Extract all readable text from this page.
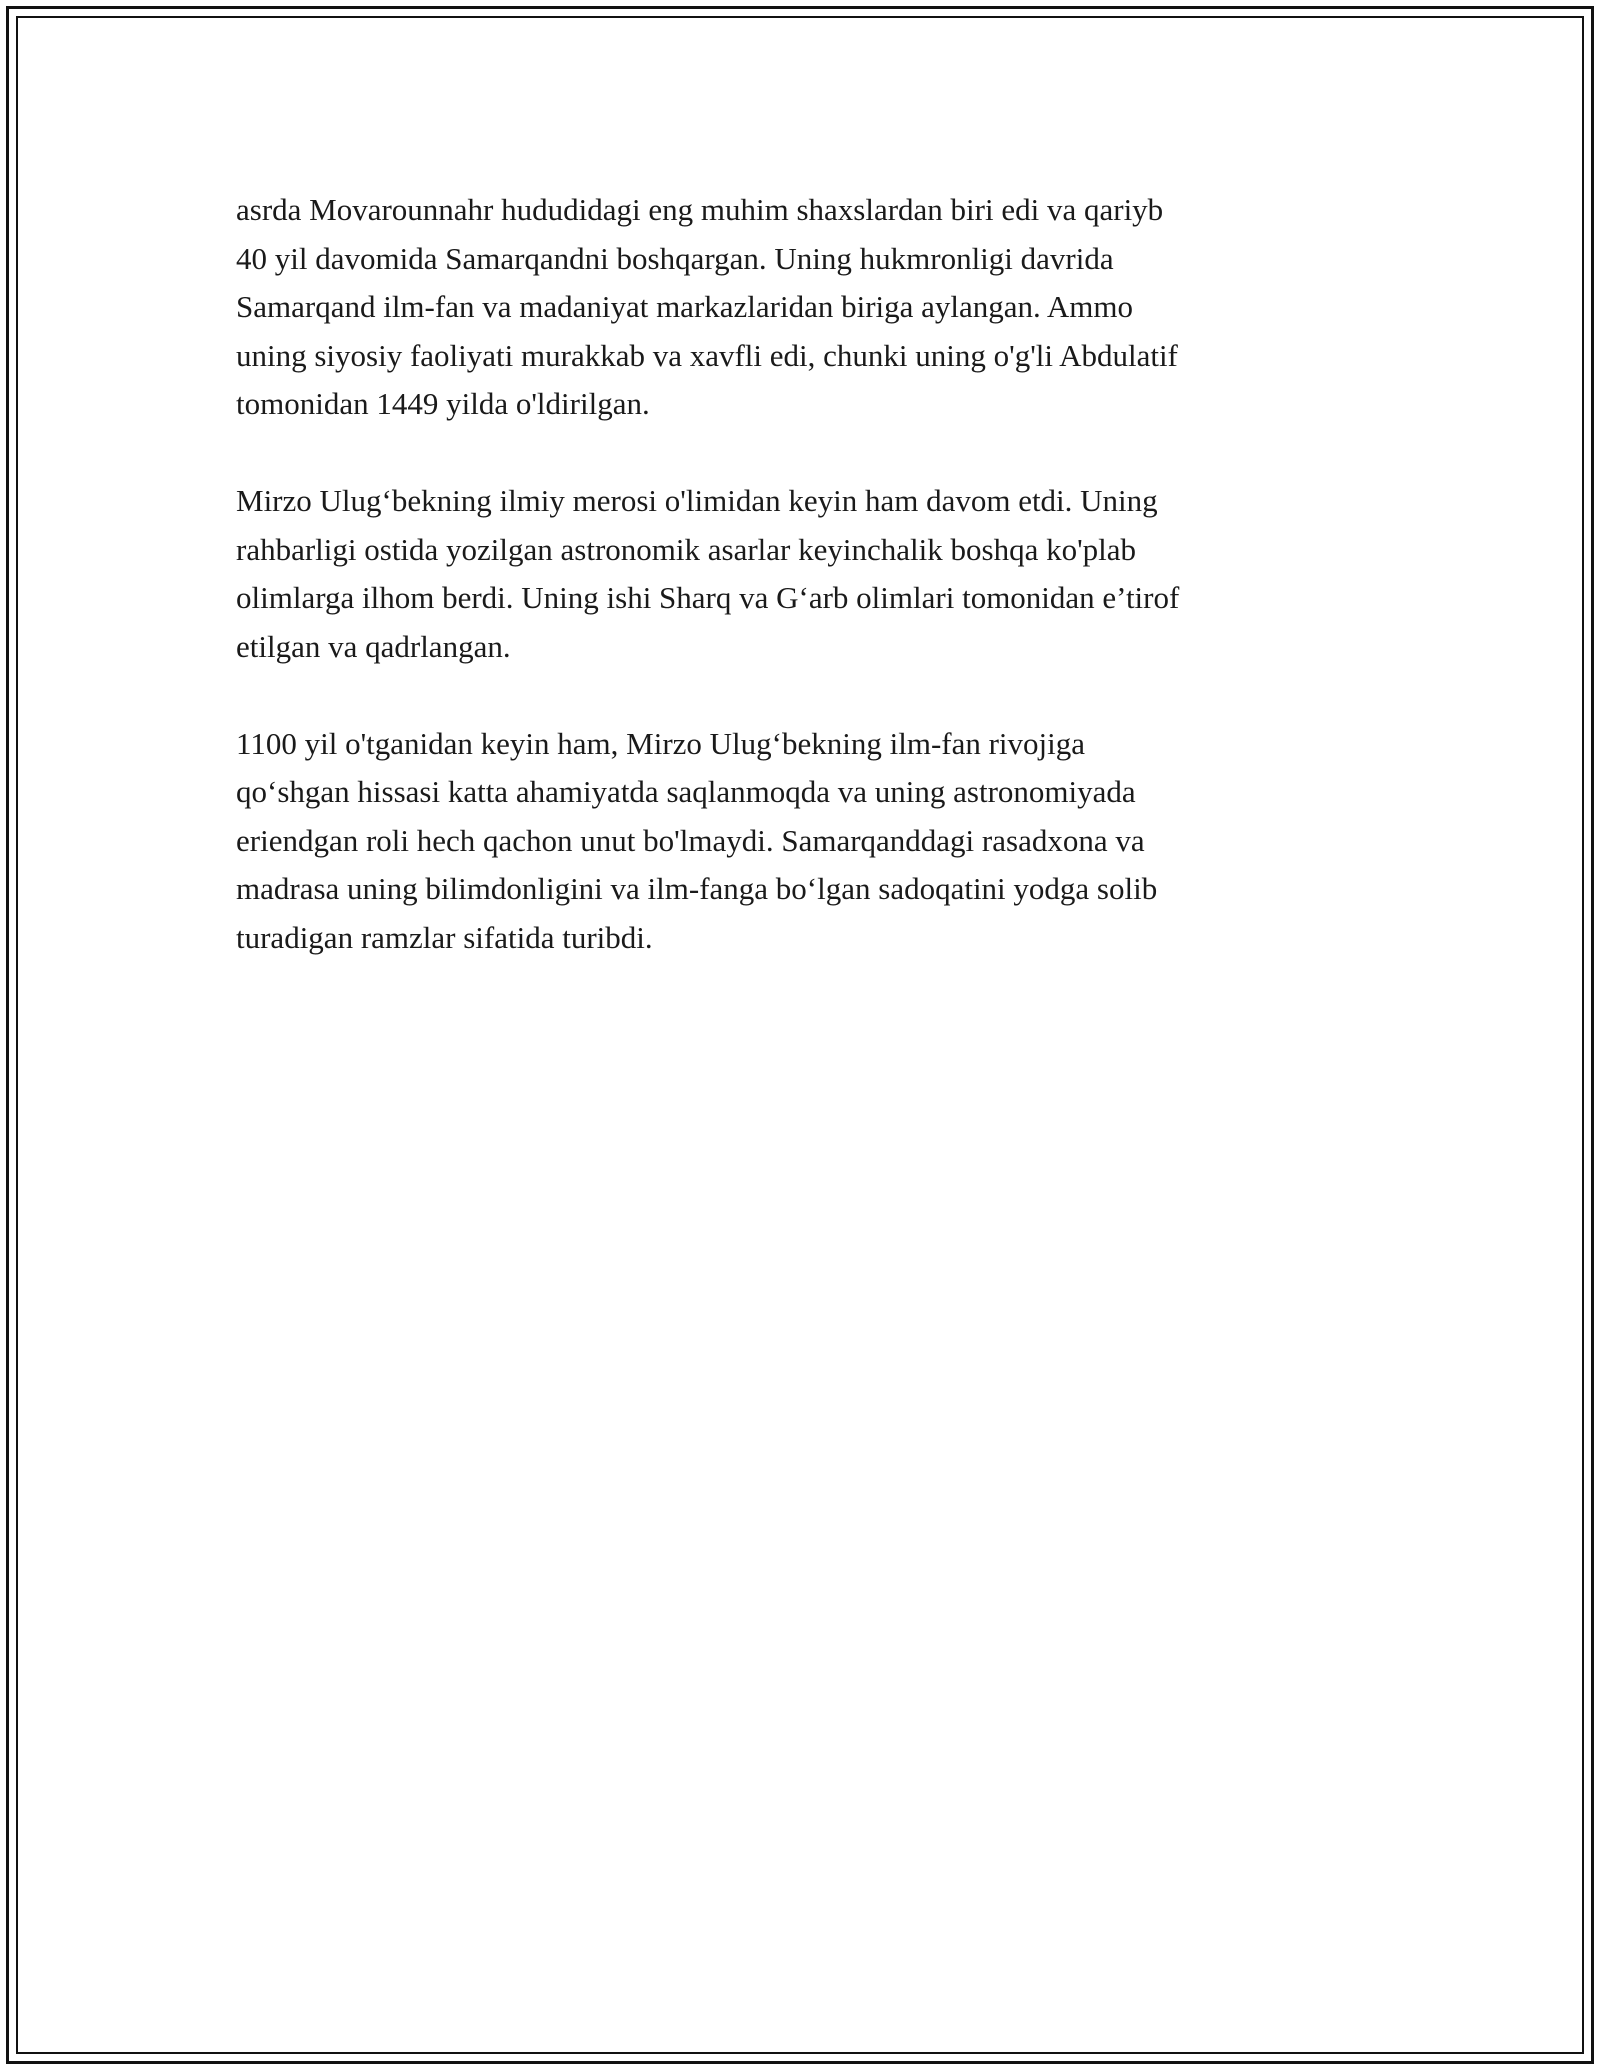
asrda Movarounnahr hududidagi eng muhim shaxslardan biri edi va qariyb
40 yil davomida Samarqandni boshqargan. Uning hukmronligi davrida
Samarqand ilm-fan va madaniyat markazlaridan biriga aylangan. Ammo
uning siyosiy faoliyati murakkab va xavfli edi, chunki uning o'g'li Abdulatif
tomonidan 1449 yilda o'ldirilgan.

Mirzo Ulug‘bekning ilmiy merosi o'limidan keyin ham davom etdi. Uning
rahbarligi ostida yozilgan astronomik asarlar keyinchalik boshqa ko'plab
olimlarga ilhom berdi. Uning ishi Sharq va G‘arb olimlari tomonidan e’tirof
etilgan va qadrlangan.

1100 yil o'tganidan keyin ham, Mirzo Ulug‘bekning ilm-fan rivojiga
qo‘shgan hissasi katta ahamiyatda saqlanmoqda va uning astronomiyada
eriendgan roli hech qachon unut bo'lmaydi. Samarqanddagi rasadxona va
madrasa uning bilimdonligini va ilm-fanga bo‘lgan sadoqatini yodga solib
turadigan ramzlar sifatida turibdi.
